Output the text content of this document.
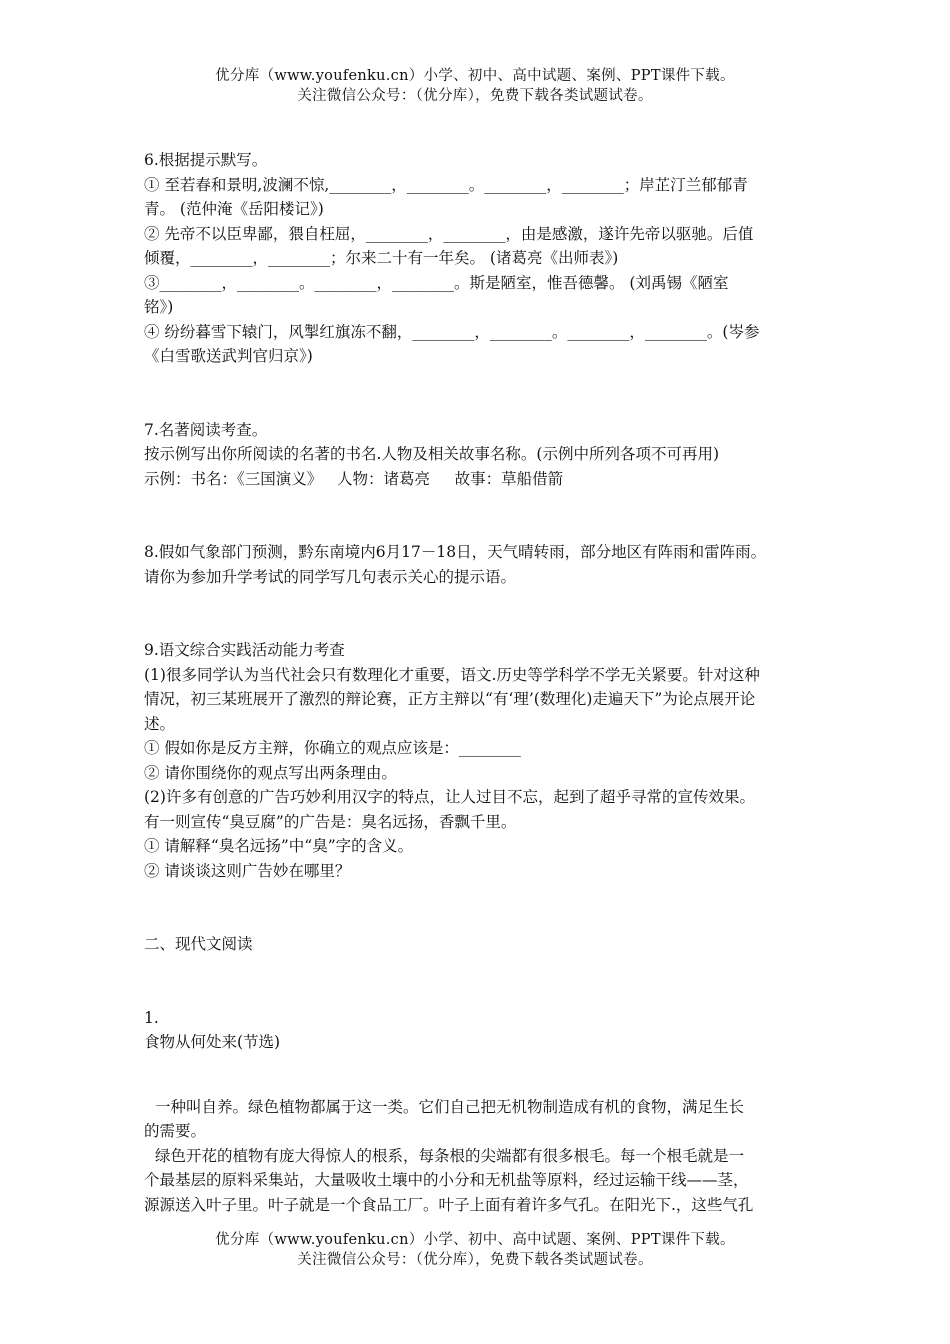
优分库（www.youfenku.cn）小学、初中、高中试题、案例、PPT课件下载。
关注微信公众号：（优分库），免费下载各类试题试卷。

6.根据提示默写。

① 至若春和景明,波澜不惊,________，________。________，________；岸芷汀兰郁郁青

青。 (范仲淹《岳阳楼记》)

② 先帝不以臣卑鄙，猥自枉屈，________，________，由是感激，遂许先帝以驱驰。后值

倾覆，________，________；尔来二十有一年矣。 (诸葛亮《出师表》)

③________，________。________，________。斯是陋室，惟吾德馨。 (刘禹锡《陋室

铭》)

④ 纷纷暮雪下辕门，风掣红旗冻不翻，________，________。________，________。(岑参

《白雪歌送武判官归京》)

7.名著阅读考查。

按示例写出你所阅读的名著的书名.人物及相关故事名称。(示例中所列各项不可再用)

示例：书名：《三国演义》   人物：诸葛亮     故事：草船借箭

8.假如气象部门预测，黔东南境内6月17－18日，天气晴转雨，部分地区有阵雨和雷阵雨。

请你为参加升学考试的同学写几句表示关心的提示语。

9.语文综合实践活动能力考查

(1)很多同学认为当代社会只有数理化才重要，语文.历史等学科学不学无关紧要。针对这种

情况，初三某班展开了激烈的辩论赛，正方主辩以“有‘理’(数理化)走遍天下”为论点展开论

述。

① 假如你是反方主辩，你确立的观点应该是：________

② 请你围绕你的观点写出两条理由。

(2)许多有创意的广告巧妙利用汉字的特点，让人过目不忘，起到了超乎寻常的宣传效果。

有一则宣传“臭豆腐”的广告是：臭名远扬，香飘千里。

① 请解释“臭名远扬”中“臭”字的含义。

② 请谈谈这则广告妙在哪里？

二、现代文阅读

1.

食物从何处来(节选)

一种叫自养。绿色植物都属于这一类。它们自己把无机物制造成有机的食物，满足生长

的需要。

绿色开花的植物有庞大得惊人的根系，每条根的尖端都有很多根毛。每一个根毛就是一

个最基层的原料采集站，大量吸收土壤中的小分和无机盐等原料，经过运输干线——茎，

源源送入叶子里。叶子就是一个食品工厂。叶子上面有着许多气孔。在阳光下.，这些气孔

优分库（www.youfenku.cn）小学、初中、高中试题、案例、PPT课件下载。
关注微信公众号：（优分库），免费下载各类试题试卷。
